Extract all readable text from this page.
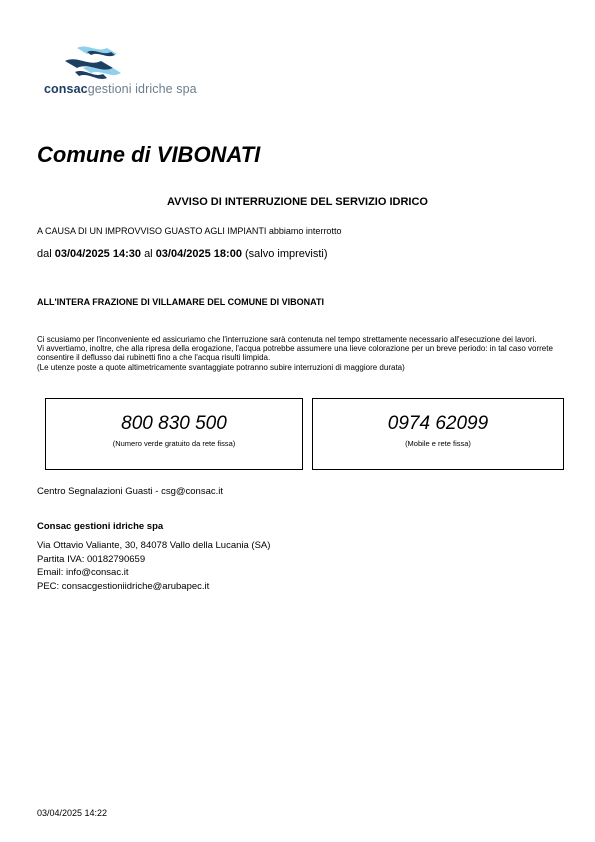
consacgestioni idriche spa
Comune di VIBONATI
AVVISO DI INTERRUZIONE DEL SERVIZIO IDRICO
A CAUSA DI UN IMPROVVISO GUASTO AGLI IMPIANTI abbiamo interrotto
dal 03/04/2025 14:30 al 03/04/2025 18:00 (salvo imprevisti)
ALL'INTERA FRAZIONE DI VILLAMARE DEL COMUNE DI VIBONATI

Ci scusiamo per l'inconveniente ed assicuriamo che l'interruzione sarà contenuta nel tempo strettamente necessario all'esecuzione dei lavori.

Vi avvertiamo, inoltre, che alla ripresa della erogazione, l'acqua potrebbe assumere una lieve colorazione per un breve periodo: in tal caso vorrete consentire il deflusso dai rubinetti fino a che l'acqua risulti limpida.

(Le utenze poste a quote altimetricamente svantaggiate potranno subire interruzioni di maggiore durata)

800 830 500
(Numero verde gratuito da rete fissa)
0974 62099
(Mobile e rete fissa)
Centro Segnalazioni Guasti - csg@consac.it
Consac gestioni idriche spa
Via Ottavio Valiante, 30, 84078 Vallo della Lucania (SA)
Partita IVA: 00182790659
Email: info@consac.it
PEC: consacgestioniidriche@arubapec.it
03/04/2025 14:22
